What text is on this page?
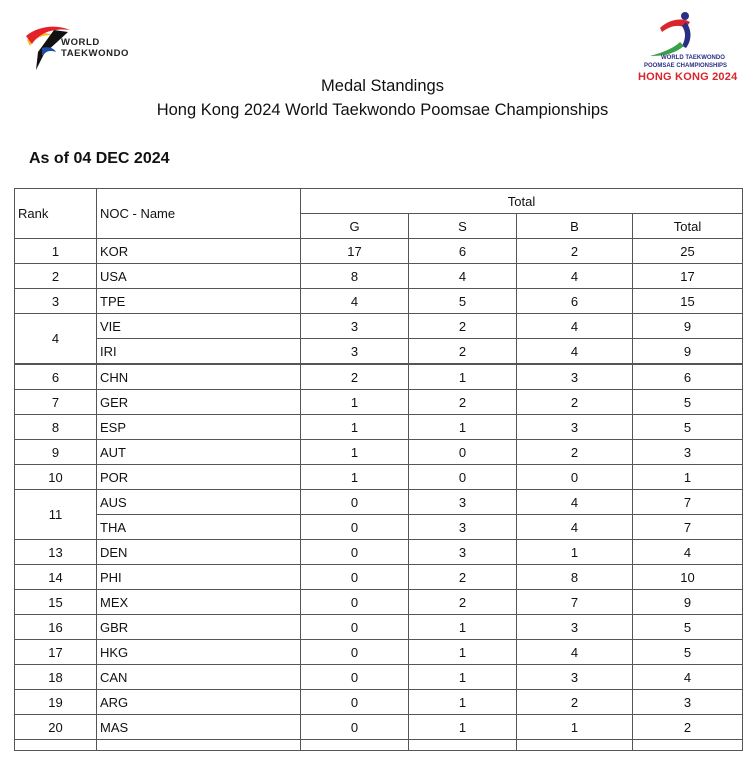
WORLD
TAEKWONDO	WORLD TAEKWONDO
POOMSAE CHAMPIONSHIPS
HONG KONG 2024
Medal Standings
Hong Kong 2024 World Taekwondo Poomsae Championships
As of 04 DEC 2024
Rank	NOC - Name	Total			
		G	S	B	Total
1	KOR	17	6	2	25
2	USA	8	4	4	17
3	TPE	4	5	6	15
4	VIE	3	2	4	9
	IRI	3	2	4	9
6	CHN	2	1	3	6
7	GER	1	2	2	5
8	ESP	1	1	3	5
9	AUT	1	0	2	3
10	POR	1	0	0	1
11	AUS	0	3	4	7
	THA	0	3	4	7
13	DEN	0	3	1	4
14	PHI	0	2	8	10
15	MEX	0	2	7	9
16	GBR	0	1	3	5
17	HKG	0	1	4	5
18	CAN	0	1	3	4
19	ARG	0	1	2	3
20	MAS	0	1	1	2
